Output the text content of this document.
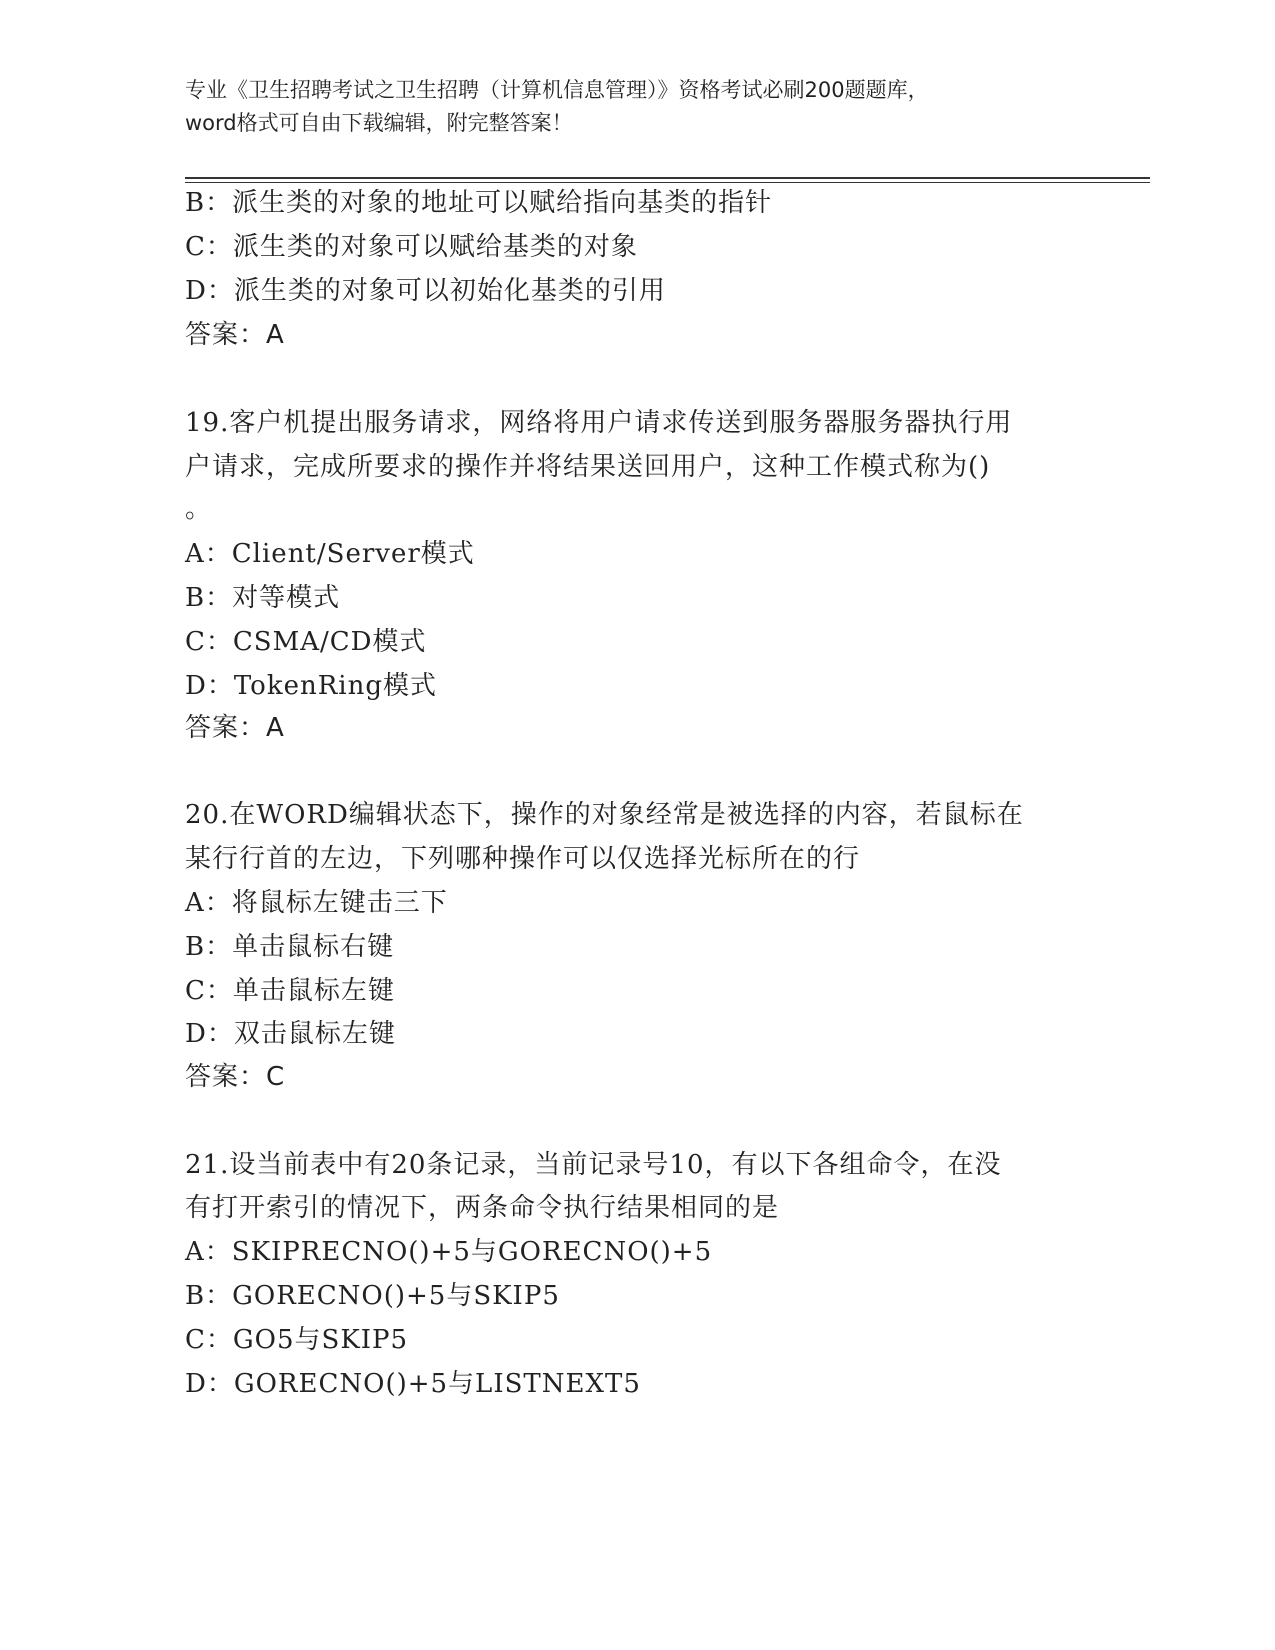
专业《卫生招聘考试之卫生招聘（计算机信息管理）》资格考试必刷200题题库，
word格式可自由下载编辑，附完整答案！
B：派生类的对象的地址可以赋给指向基类的指针
C：派生类的对象可以赋给基类的对象
D：派生类的对象可以初始化基类的引用
答案：A
19.客户机提出服务请求，网络将用户请求传送到服务器服务器执行用
户请求，完成所要求的操作并将结果送回用户，这种工作模式称为()
。
A：Client/Server模式
B：对等模式
C：CSMA/CD模式
D：TokenRing模式
答案：A
20.在WORD编辑状态下，操作的对象经常是被选择的内容，若鼠标在
某行行首的左边，下列哪种操作可以仅选择光标所在的行
A：将鼠标左键击三下
B：单击鼠标右键
C：单击鼠标左键
D：双击鼠标左键
答案：C
21.设当前表中有20条记录，当前记录号10，有以下各组命令，在没
有打开索引的情况下，两条命令执行结果相同的是
A：SKIPRECNO()+5与GORECNO()+5
B：GORECNO()+5与SKIP5
C：GO5与SKIP5
D：GORECNO()+5与LISTNEXT5
